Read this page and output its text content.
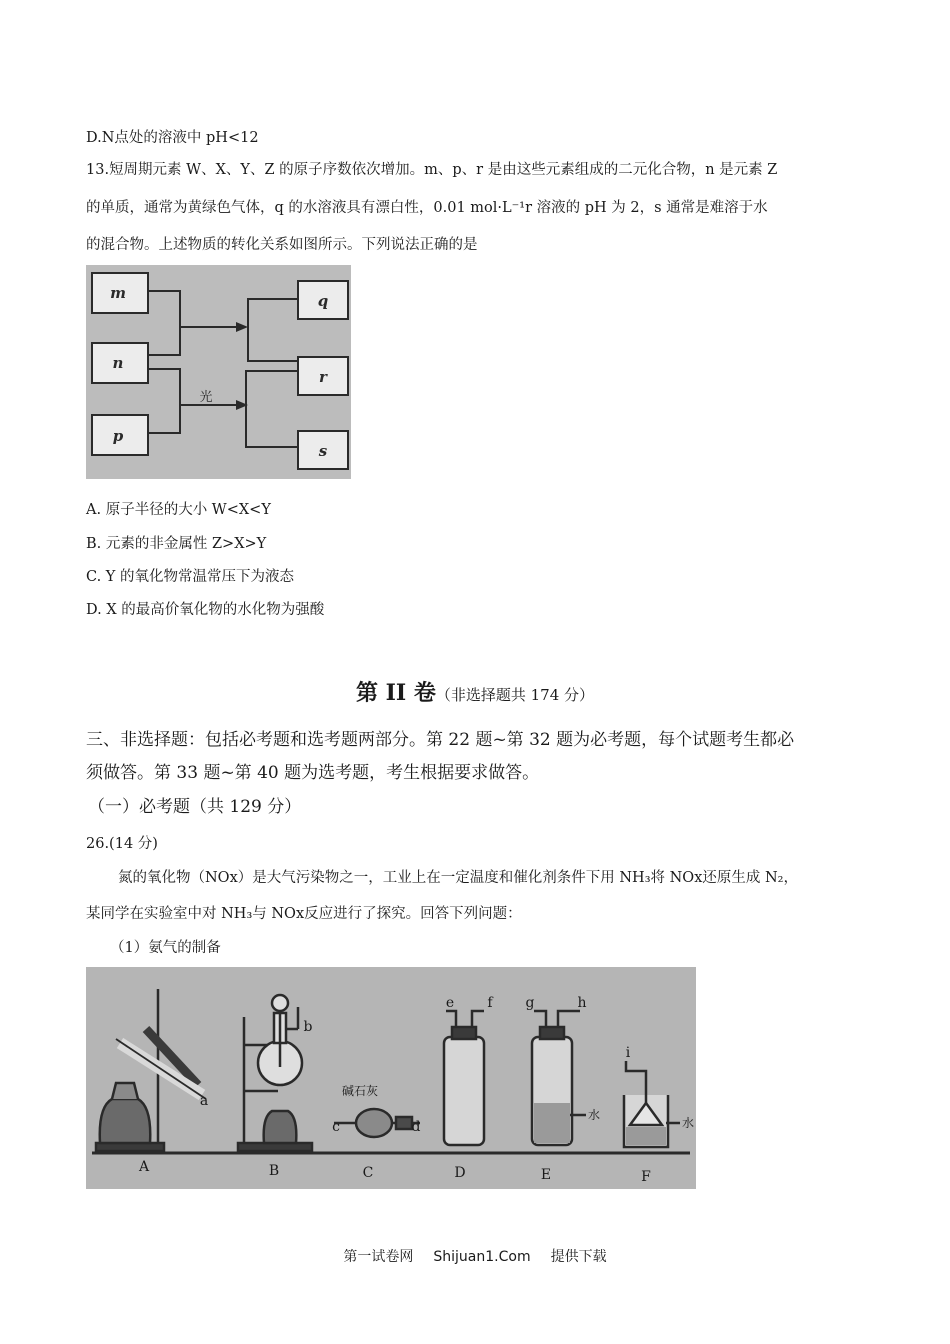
D.N点处的溶液中 pH<12
13.短周期元素 W、X、Y、Z 的原子序数依次增加。m、p、r 是由这些元素组成的二元化合物，n 是元素 Z
的单质，通常为黄绿色气体，q 的水溶液具有漂白性，0.01 mol·L⁻¹r 溶液的 pH 为 2，s 通常是难溶于水
的混合物。上述物质的转化关系如图所示。下列说法正确的是
m
n
p
q
r
s
光
A. 原子半径的大小 W<X<Y
B. 元素的非金属性 Z>X>Y
C. Y 的氧化物常温常压下为液态
D. X 的最高价氧化物的水化物为强酸
第 II 卷（非选择题共 174 分）
三、非选择题：包括必考题和选考题两部分。第 22 题~第 32 题为必考题，每个试题考生都必
须做答。第 33 题~第 40 题为选考题，考生根据要求做答。
（一）必考题（共 129 分）
26.(14 分)
氮的氧化物（NOx）是大气污染物之一，工业上在一定温度和催化剂条件下用 NH₃将 NOx还原生成 N₂，
某同学在实验室中对 NH₃与 NOx反应进行了探究。回答下列问题：
（1）氨气的制备
A	B	C	D	E	F
a
b
c	d
e f g	h
i
碱石灰
水
水
第一试卷网 Shijuan1.Com 提供下载
